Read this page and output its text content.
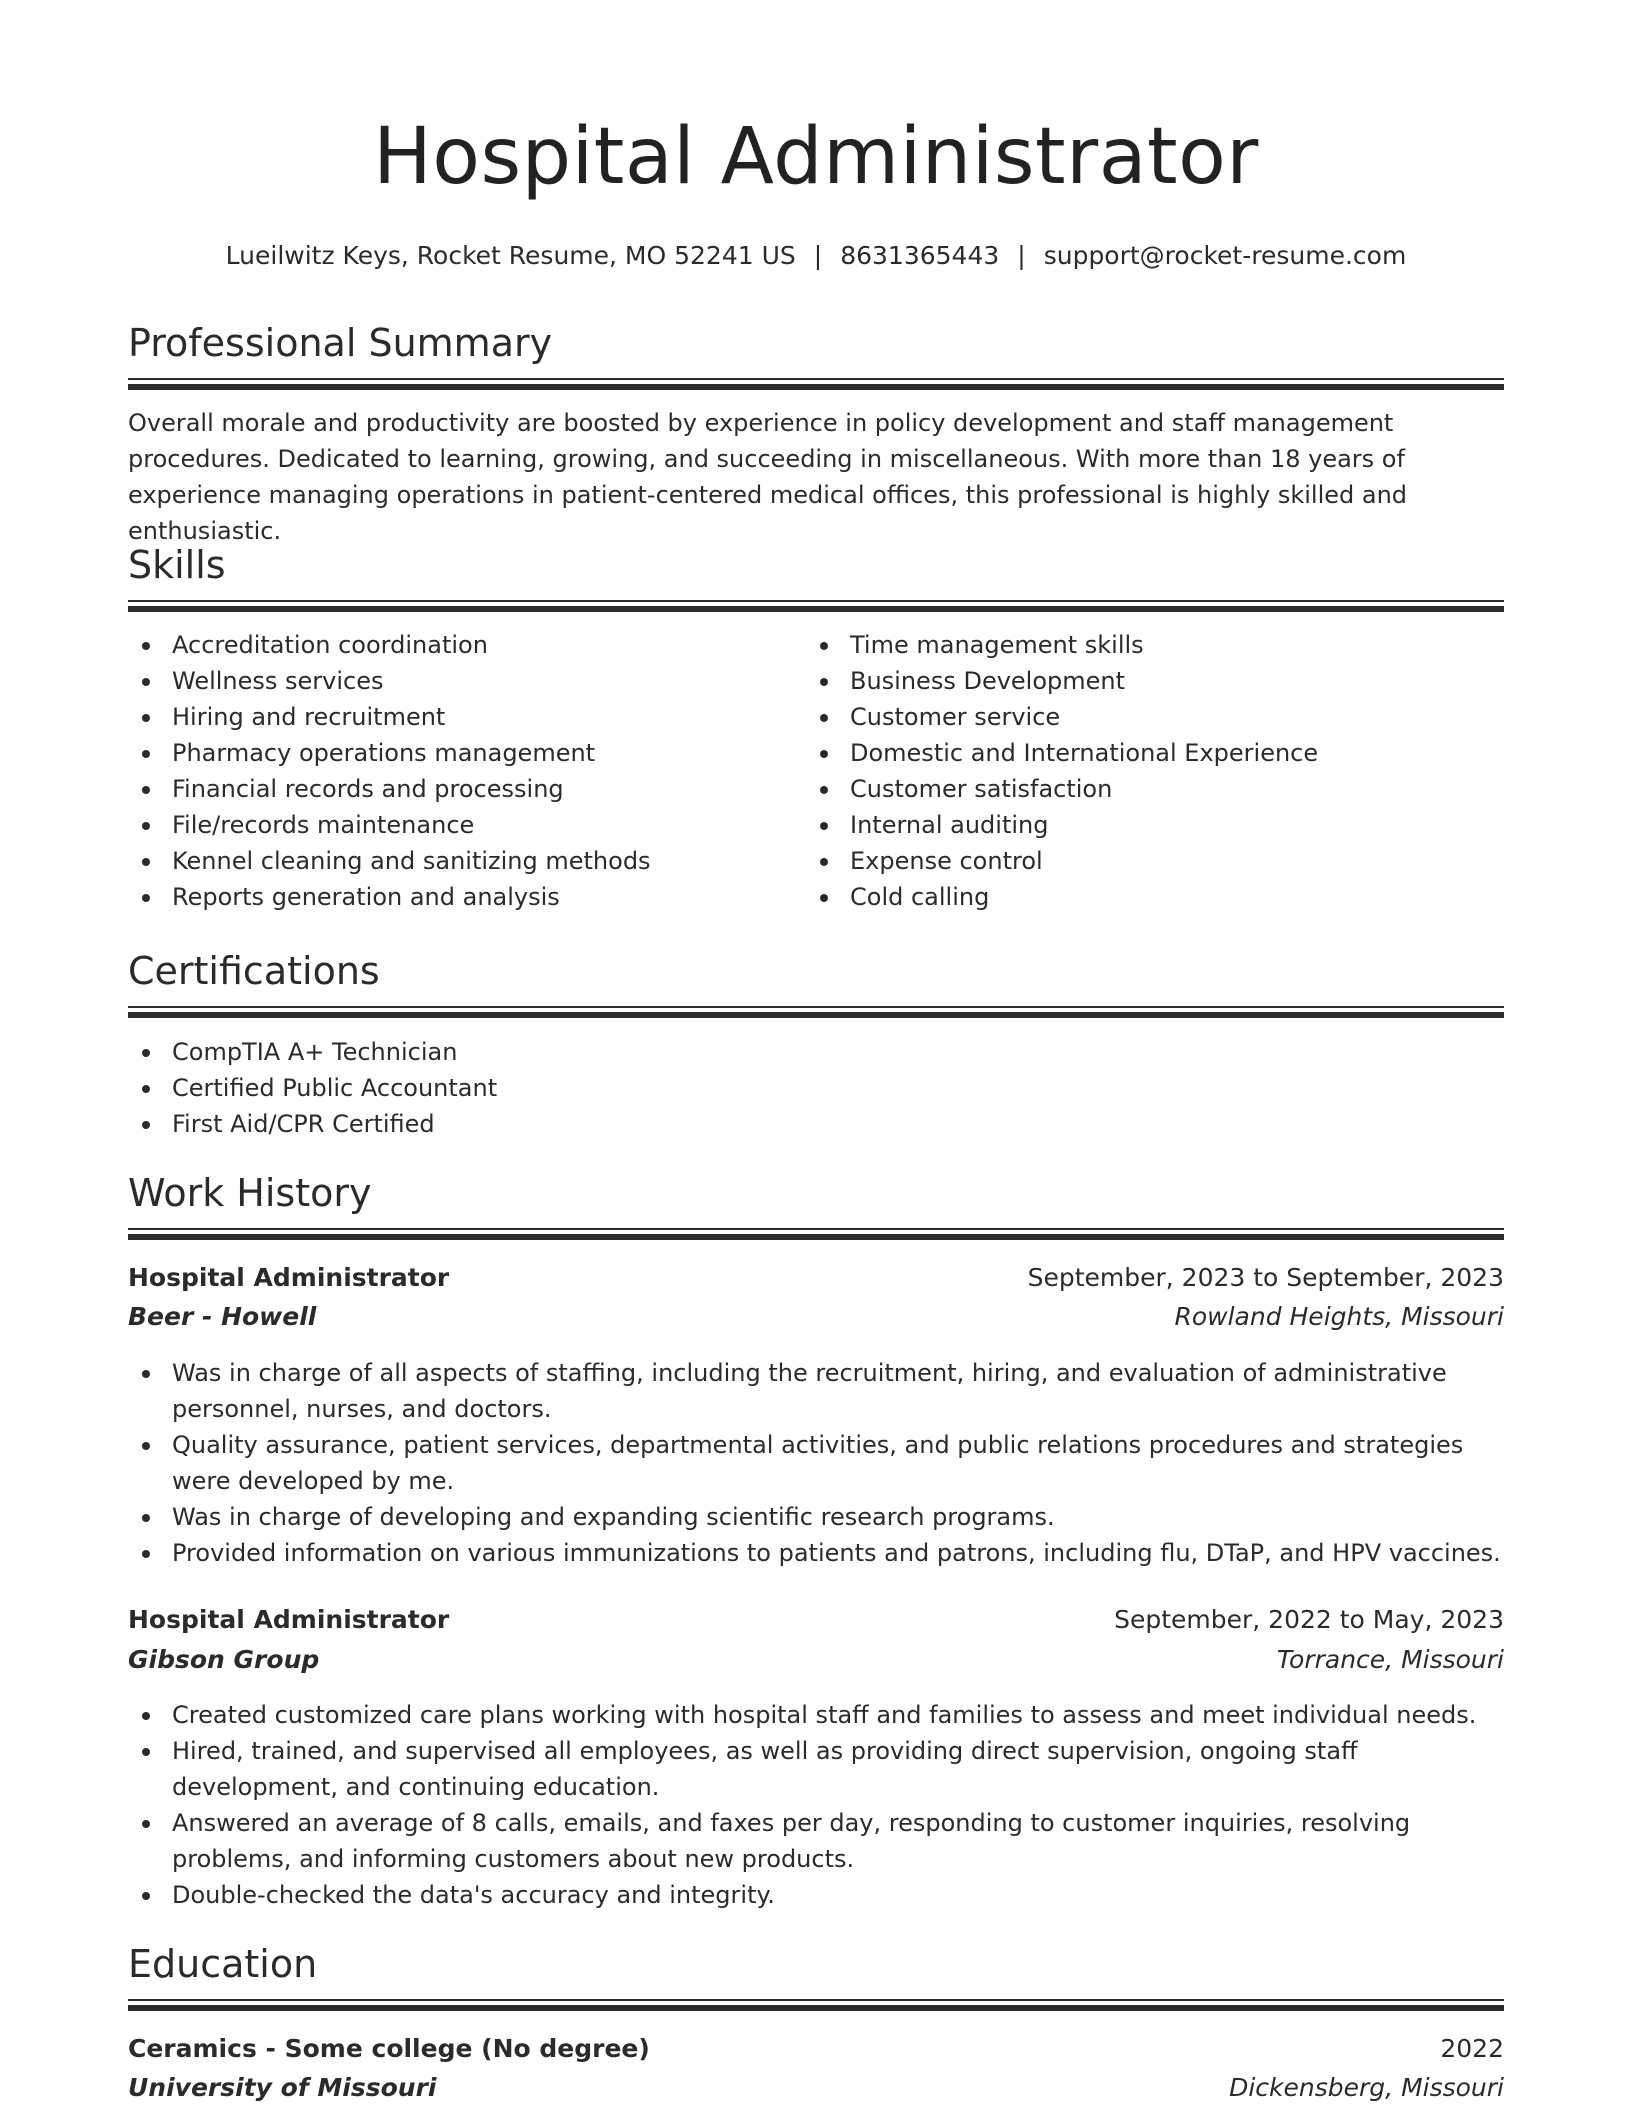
Hospital Administrator
Lueilwitz Keys, Rocket Resume, MO 52241 US | 8631365443 | support@rocket-resume.com
Professional Summary
Overall morale and productivity are boosted by experience in policy development and staff management procedures. Dedicated to learning, growing, and succeeding in miscellaneous. With more than 18 years of experience managing operations in patient-centered medical offices, this professional is highly skilled and enthusiastic.
Skills
Accreditation coordination
Wellness services
Hiring and recruitment
Pharmacy operations management
Financial records and processing
File/records maintenance
Kennel cleaning and sanitizing methods
Reports generation and analysis
Time management skills
Business Development
Customer service
Domestic and International Experience
Customer satisfaction
Internal auditing
Expense control
Cold calling
Certifications
CompTIA A+ Technician
Certified Public Accountant
First Aid/CPR Certified
Work History
Hospital Administrator	September, 2023 to September, 2023
Beer - Howell	Rowland Heights, Missouri
Was in charge of all aspects of staffing, including the recruitment, hiring, and evaluation of administrative personnel, nurses, and doctors.
Quality assurance, patient services, departmental activities, and public relations procedures and strategies were developed by me.
Was in charge of developing and expanding scientific research programs.
Provided information on various immunizations to patients and patrons, including flu, DTaP, and HPV vaccines.
Hospital Administrator	September, 2022 to May, 2023
Gibson Group	Torrance, Missouri
Created customized care plans working with hospital staff and families to assess and meet individual needs.
Hired, trained, and supervised all employees, as well as providing direct supervision, ongoing staff development, and continuing education.
Answered an average of 8 calls, emails, and faxes per day, responding to customer inquiries, resolving problems, and informing customers about new products.
Double-checked the data's accuracy and integrity.
Education
Ceramics - Some college (No degree)	2022
University of Missouri	Dickensberg, Missouri
